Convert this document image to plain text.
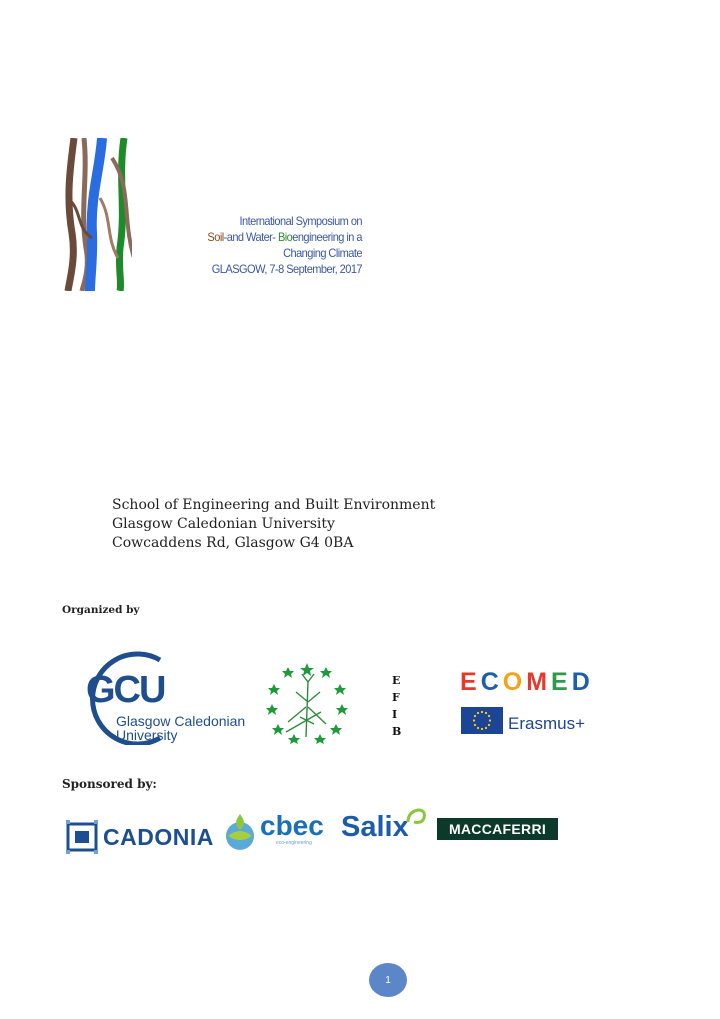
International Symposium on
Soil-and Water- Bioengineering in a
Changing Climate
GLASGOW, 7-8 September, 2017
School of Engineering and Built Environment
Glasgow Caledonian University
Cowcaddens Rd, Glasgow G4 0BA
Organized by
GCU
Glasgow Caledonian
University
E
F
I
B
ECOMED
Erasmus+
Sponsored by:
CADONIA cbec
eco-engineering Salix	MACCAFERRI
1
